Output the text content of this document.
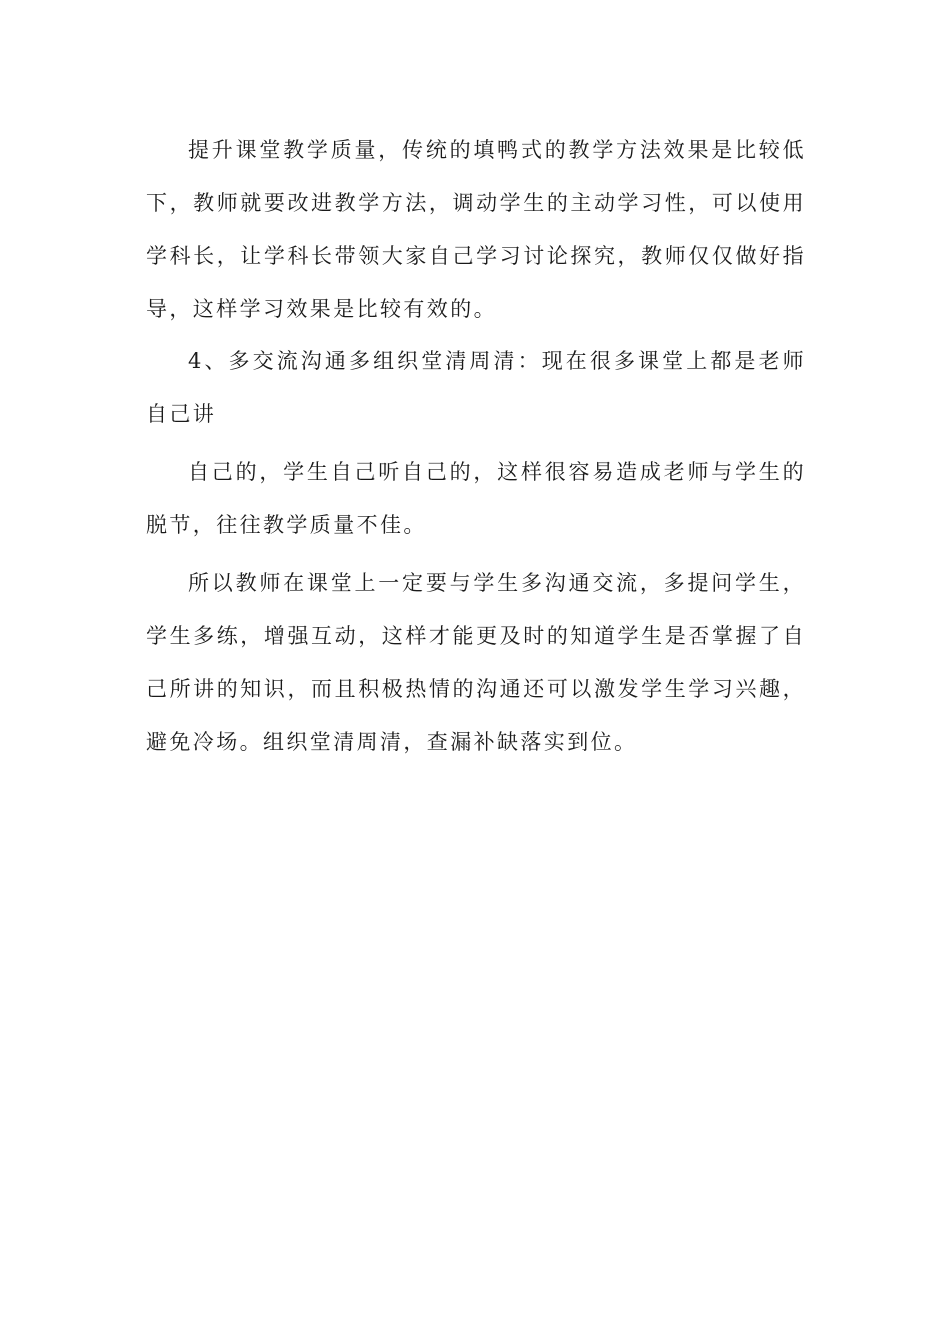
提升课堂教学质量，传统的填鸭式的教学方法效果是比较低下，教师就要改进教学方法，调动学生的主动学习性，可以使用学科长，让学科长带领大家自己学习讨论探究，教师仅仅做好指导，这样学习效果是比较有效的。

4、多交流沟通多组织堂清周清：现在很多课堂上都是老师自己讲

自己的，学生自己听自己的，这样很容易造成老师与学生的脱节，往往教学质量不佳。

所以教师在课堂上一定要与学生多沟通交流，多提问学生，学生多练，增强互动，这样才能更及时的知道学生是否掌握了自己所讲的知识，而且积极热情的沟通还可以激发学生学习兴趣，避免冷场。组织堂清周清，查漏补缺落实到位。
